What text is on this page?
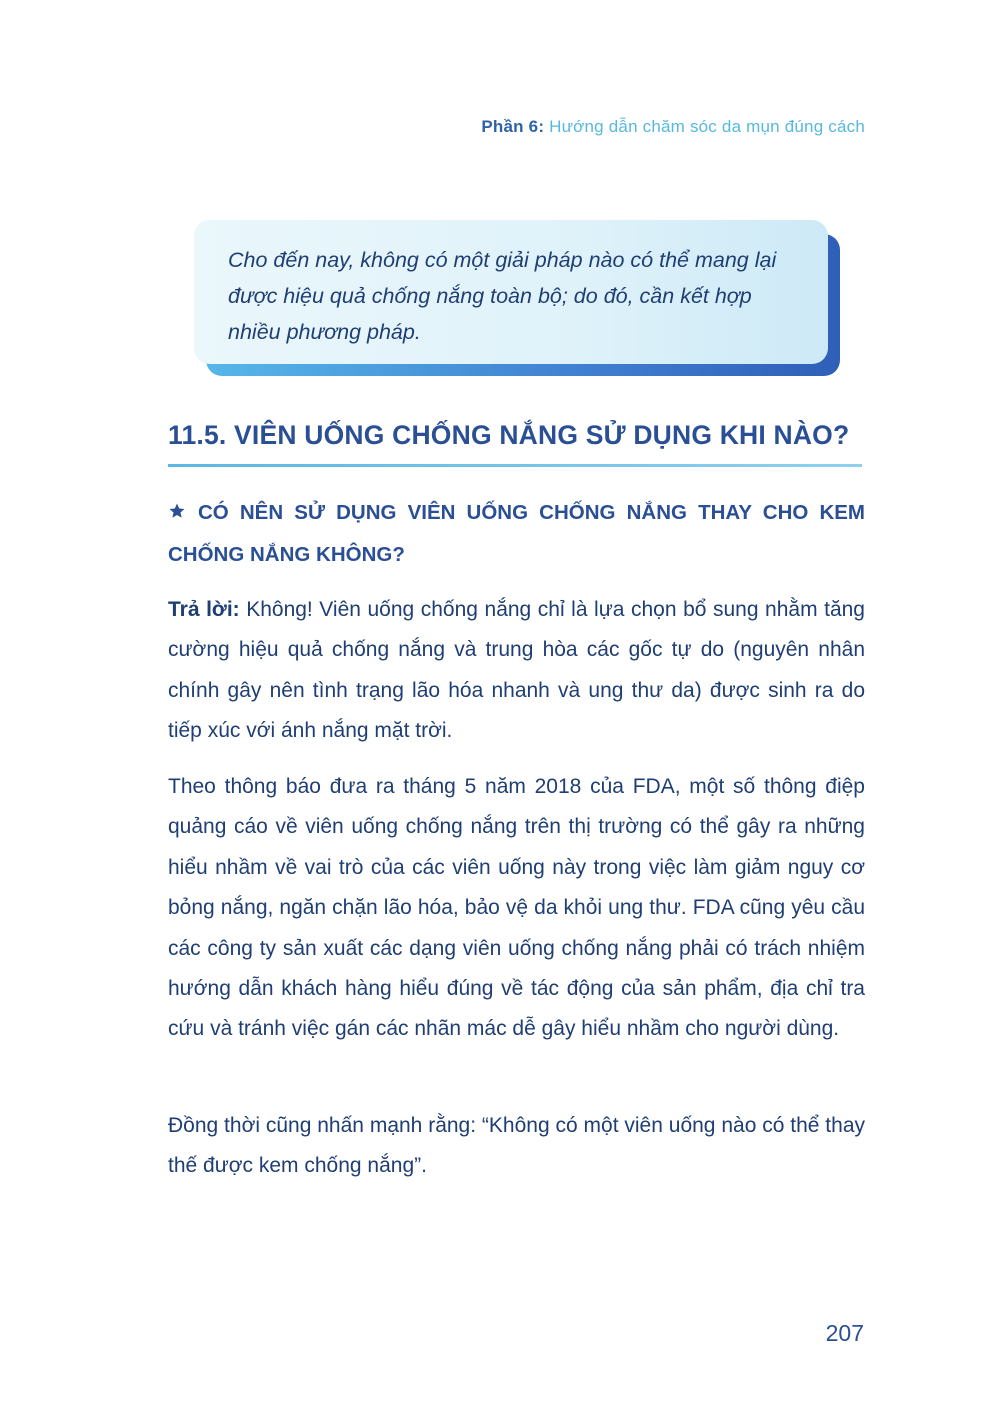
Phần 6: Hướng dẫn chăm sóc da mụn đúng cách
Cho đến nay, không có một giải pháp nào có thể mang lại được hiệu quả chống nắng toàn bộ; do đó, cần kết hợp nhiều phương pháp.
11.5. VIÊN UỐNG CHỐNG NẮNG SỬ DỤNG KHI NÀO?
CÓ NÊN SỬ DỤNG VIÊN UỐNG CHỐNG NẮNG THAY CHO KEM CHỐNG NẮNG KHÔNG?
Trả lời: Không! Viên uống chống nắng chỉ là lựa chọn bổ sung nhằm tăng cường hiệu quả chống nắng và trung hòa các gốc tự do (nguyên nhân chính gây nên tình trạng lão hóa nhanh và ung thư da) được sinh ra do tiếp xúc với ánh nắng mặt trời.
Theo thông báo đưa ra tháng 5 năm 2018 của FDA, một số thông điệp quảng cáo về viên uống chống nắng trên thị trường có thể gây ra những hiểu nhầm về vai trò của các viên uống này trong việc làm giảm nguy cơ bỏng nắng, ngăn chặn lão hóa, bảo vệ da khỏi ung thư. FDA cũng yêu cầu các công ty sản xuất các dạng viên uống chống nắng phải có trách nhiệm hướng dẫn khách hàng hiểu đúng về tác động của sản phẩm, địa chỉ tra cứu và tránh việc gán các nhãn mác dễ gây hiểu nhầm cho người dùng.
Đồng thời cũng nhấn mạnh rằng: “Không có một viên uống nào có thể thay thế được kem chống nắng”.
207
